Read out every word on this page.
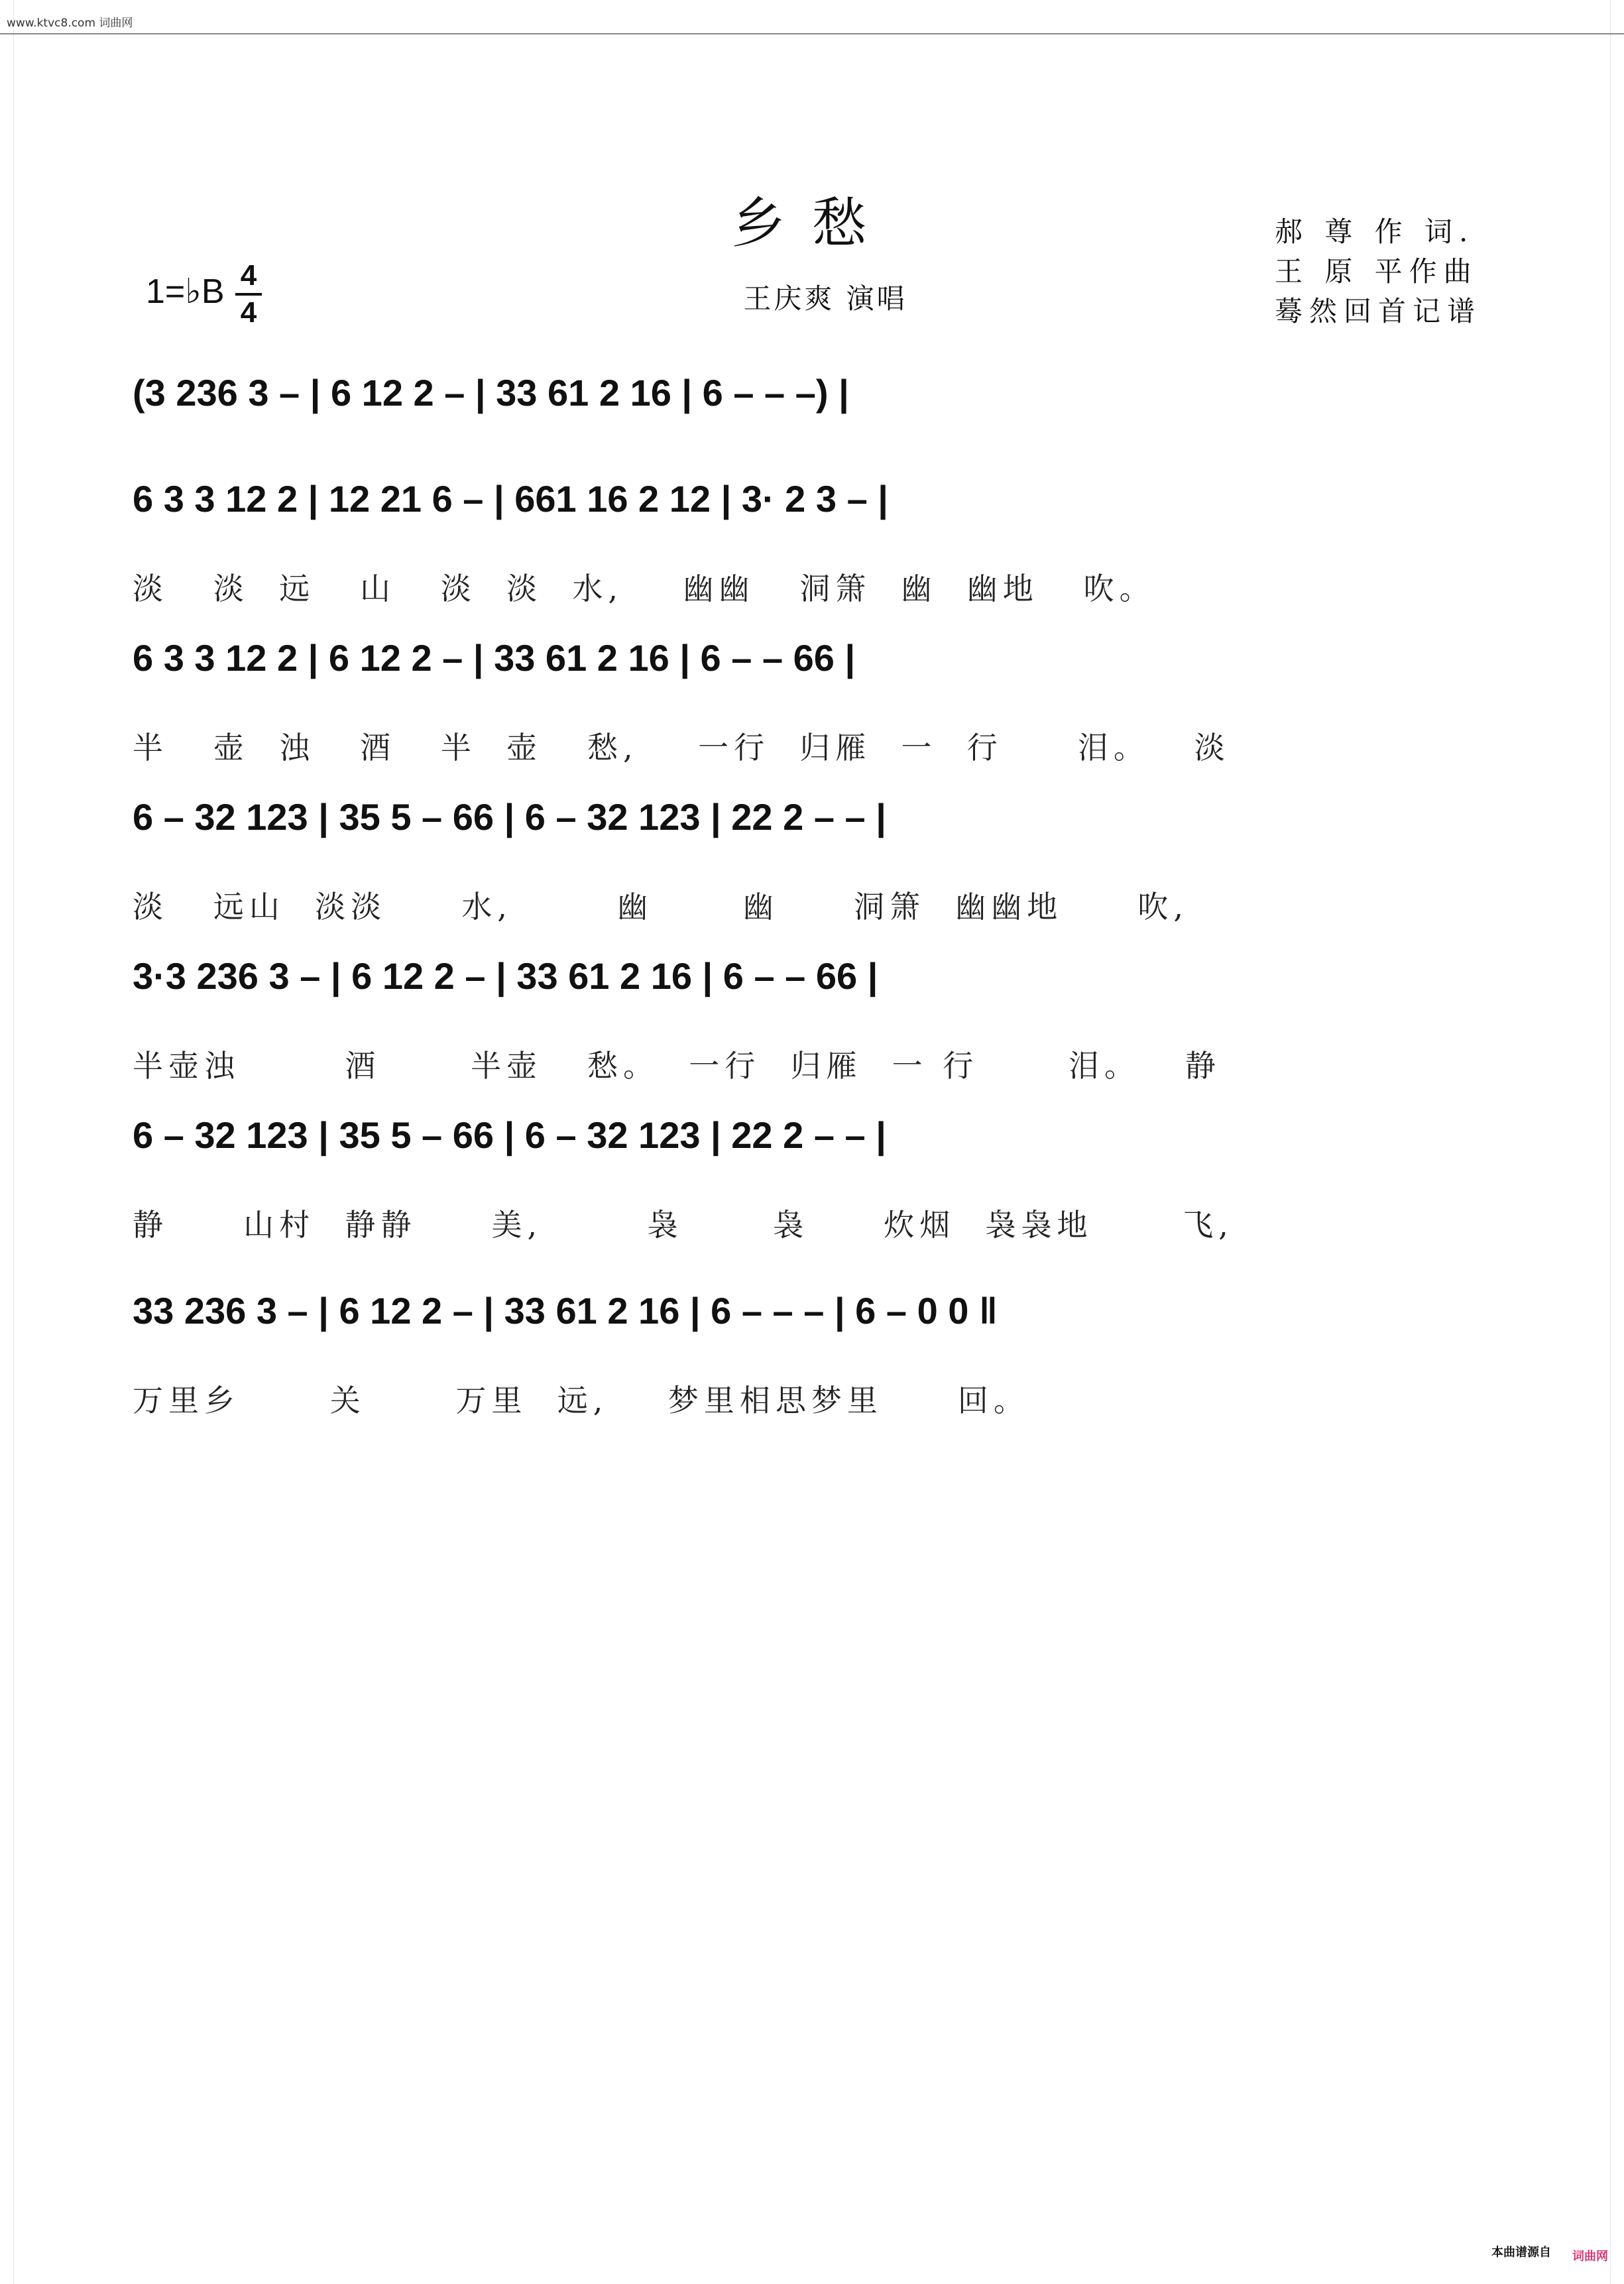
www.ktvc8.com 词曲网
乡愁	郝 尊 作 词.
王 原 平作曲
蓦然回首记谱
1=♭B 4
4	王庆爽 演唱
(3 236 3 – | 6 12 2 – | 33 61 2 16 | 6 – – –) |
6 3 3 12 2 | 12 21 6 – | 661 16 2 12 | 3· 2 3 – |
淡   淡  远   山   淡  淡  水,    幽幽   洞箫  幽  幽地   吹。
6 3 3 12 2 | 6 12 2 – | 33 61 2 16 | 6 – – 66 |
半   壶  浊   酒   半  壶   愁,    一行  归雁  一  行     泪。   淡
6 – 32 123 | 35 5 – 66 | 6 – 32 123 | 22 2 – – |
淡   远山  淡淡     水,       幽      幽     洞箫  幽幽地     吹,
3·3 236 3 – | 6 12 2 – | 33 61 2 16 | 6 – – 66 |
半壶浊       酒      半壶   愁。  一行  归雁  一 行      泪。   静
6 – 32 123 | 35 5 – 66 | 6 – 32 123 | 22 2 – – |
静     山村  静静     美,       袅      袅     炊烟  袅袅地      飞,
33 236 3 – | 6 12 2 – | 33 61 2 16 | 6 – – – | 6 – 0 0 ‖
万里乡      关      万里  远,    梦里相思梦里     回。
本曲谱源自 词曲网
